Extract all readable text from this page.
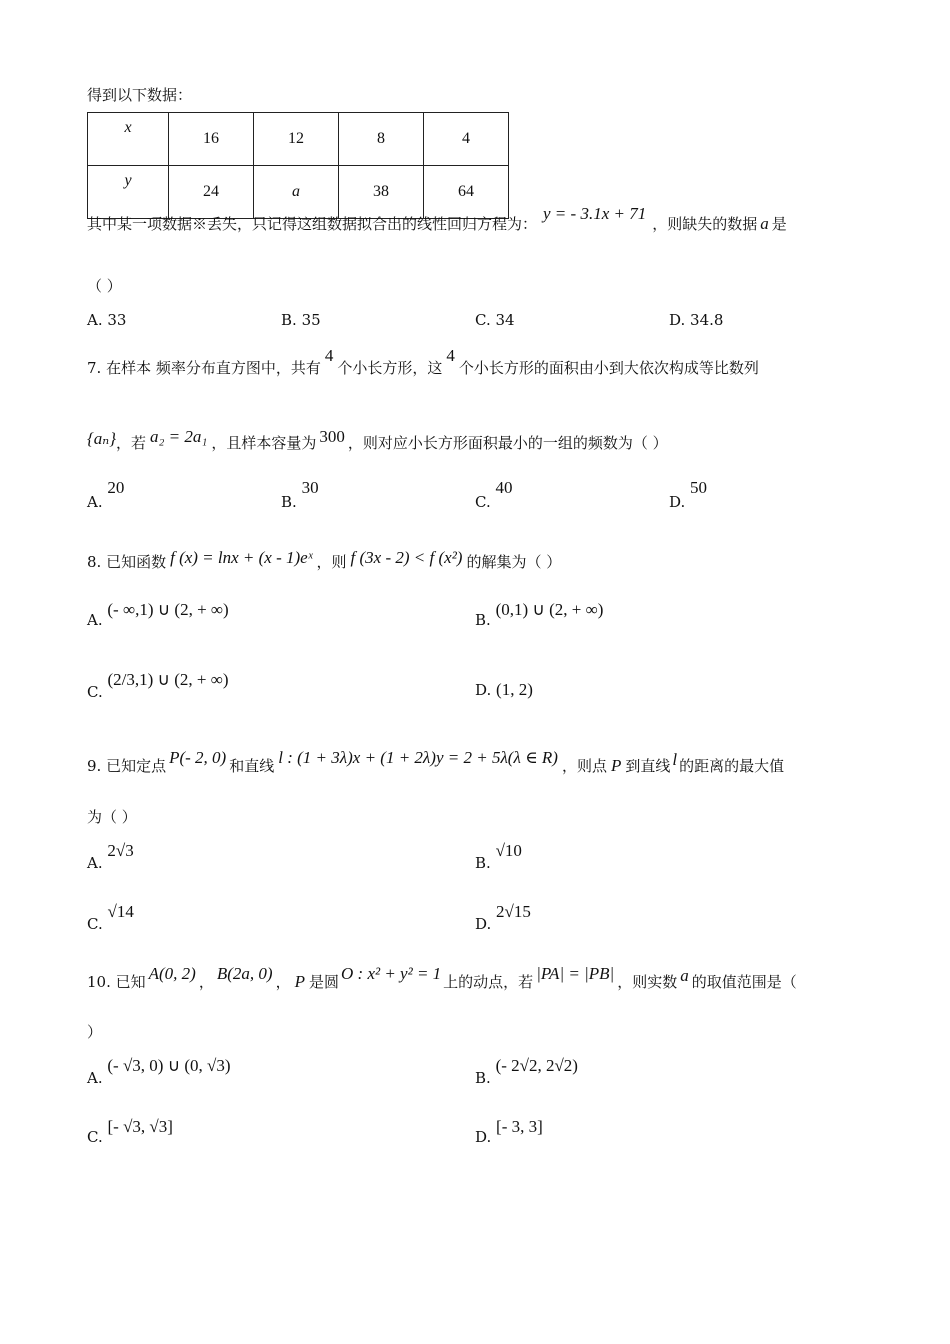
得到以下数据：
x	16	12	8	4
y	24	a	38	64
其中某一项数据※丢失，只记得这组数据拟合出的线性回归方程为：y = - 3.1x + 71，则缺失的数据 a 是
（ ）
A. 33	B. 35	C. 34	D. 34.8
7. 在样本 频率分布直方图中，共有4个小长方形，这4个小长方形的面积由小到大依次构成等比数列
{aₙ}，若 a₂ = 2a₁ ，且样本容量为 300 ，则对应小长方形面积最小的一组的频数为（ ）
A. 20
B. 30
C. 40
D. 50
8. 已知函数 f (x) = lnx + (x - 1)eˣ ，则 f (3x - 2) < f (x²) 的解集为（ ）
A. (- ∞,1) ∪ (2, + ∞)
B. (0,1) ∪ (2, + ∞)
C. (2/3,1) ∪ (2, + ∞)
D. (1, 2)
9. 已知定点 P(- 2, 0) 和直线 l : (1 + 3λ)x + (1 + 2λ)y = 2 + 5λ(λ ∈ R) ，则点 P 到直线 l 的距离的最大值
为（ ）
A. 2√3
B. √10
C. √14
D. 2√15
10. 已知 A(0, 2) ， B(2a, 0) ， P 是圆 O : x² + y² = 1 上的动点，若 |PA| = |PB| ，则实数 a 的取值范围是（
）
A. (- √3, 0) ∪ (0, √3)
B. (- 2√2, 2√2)
C. [- √3, √3]
D. [- 3, 3]
